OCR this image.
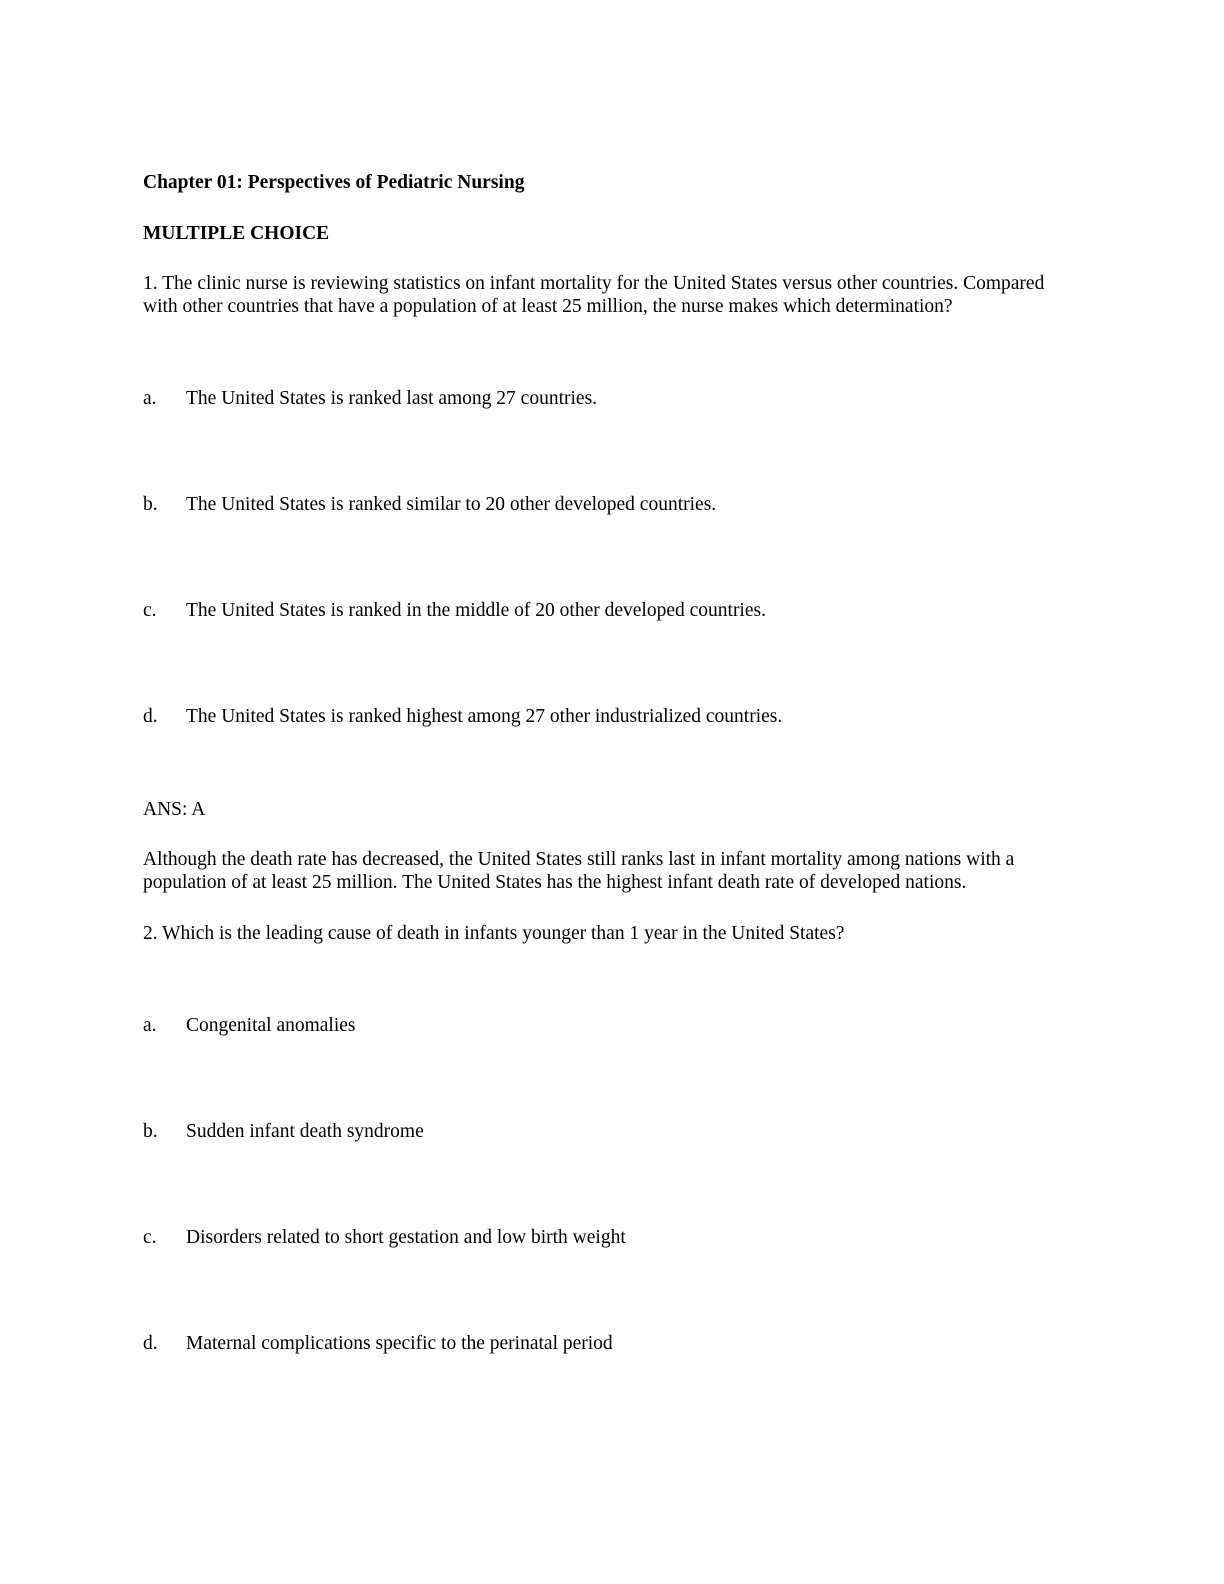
Chapter 01: Perspectives of Pediatric Nursing
MULTIPLE CHOICE
1. The clinic nurse is reviewing statistics on infant mortality for the United States versus other countries. Compared
with other countries that have a population of at least 25 million, the nurse makes which determination?
a. The United States is ranked last among 27 countries.
b. The United States is ranked similar to 20 other developed countries.
c. The United States is ranked in the middle of 20 other developed countries.
d. The United States is ranked highest among 27 other industrialized countries.
ANS: A
Although the death rate has decreased, the United States still ranks last in infant mortality among nations with a
population of at least 25 million. The United States has the highest infant death rate of developed nations.
2. Which is the leading cause of death in infants younger than 1 year in the United States?
a. Congenital anomalies
b. Sudden infant death syndrome
c. Disorders related to short gestation and low birth weight
d. Maternal complications specific to the perinatal period
